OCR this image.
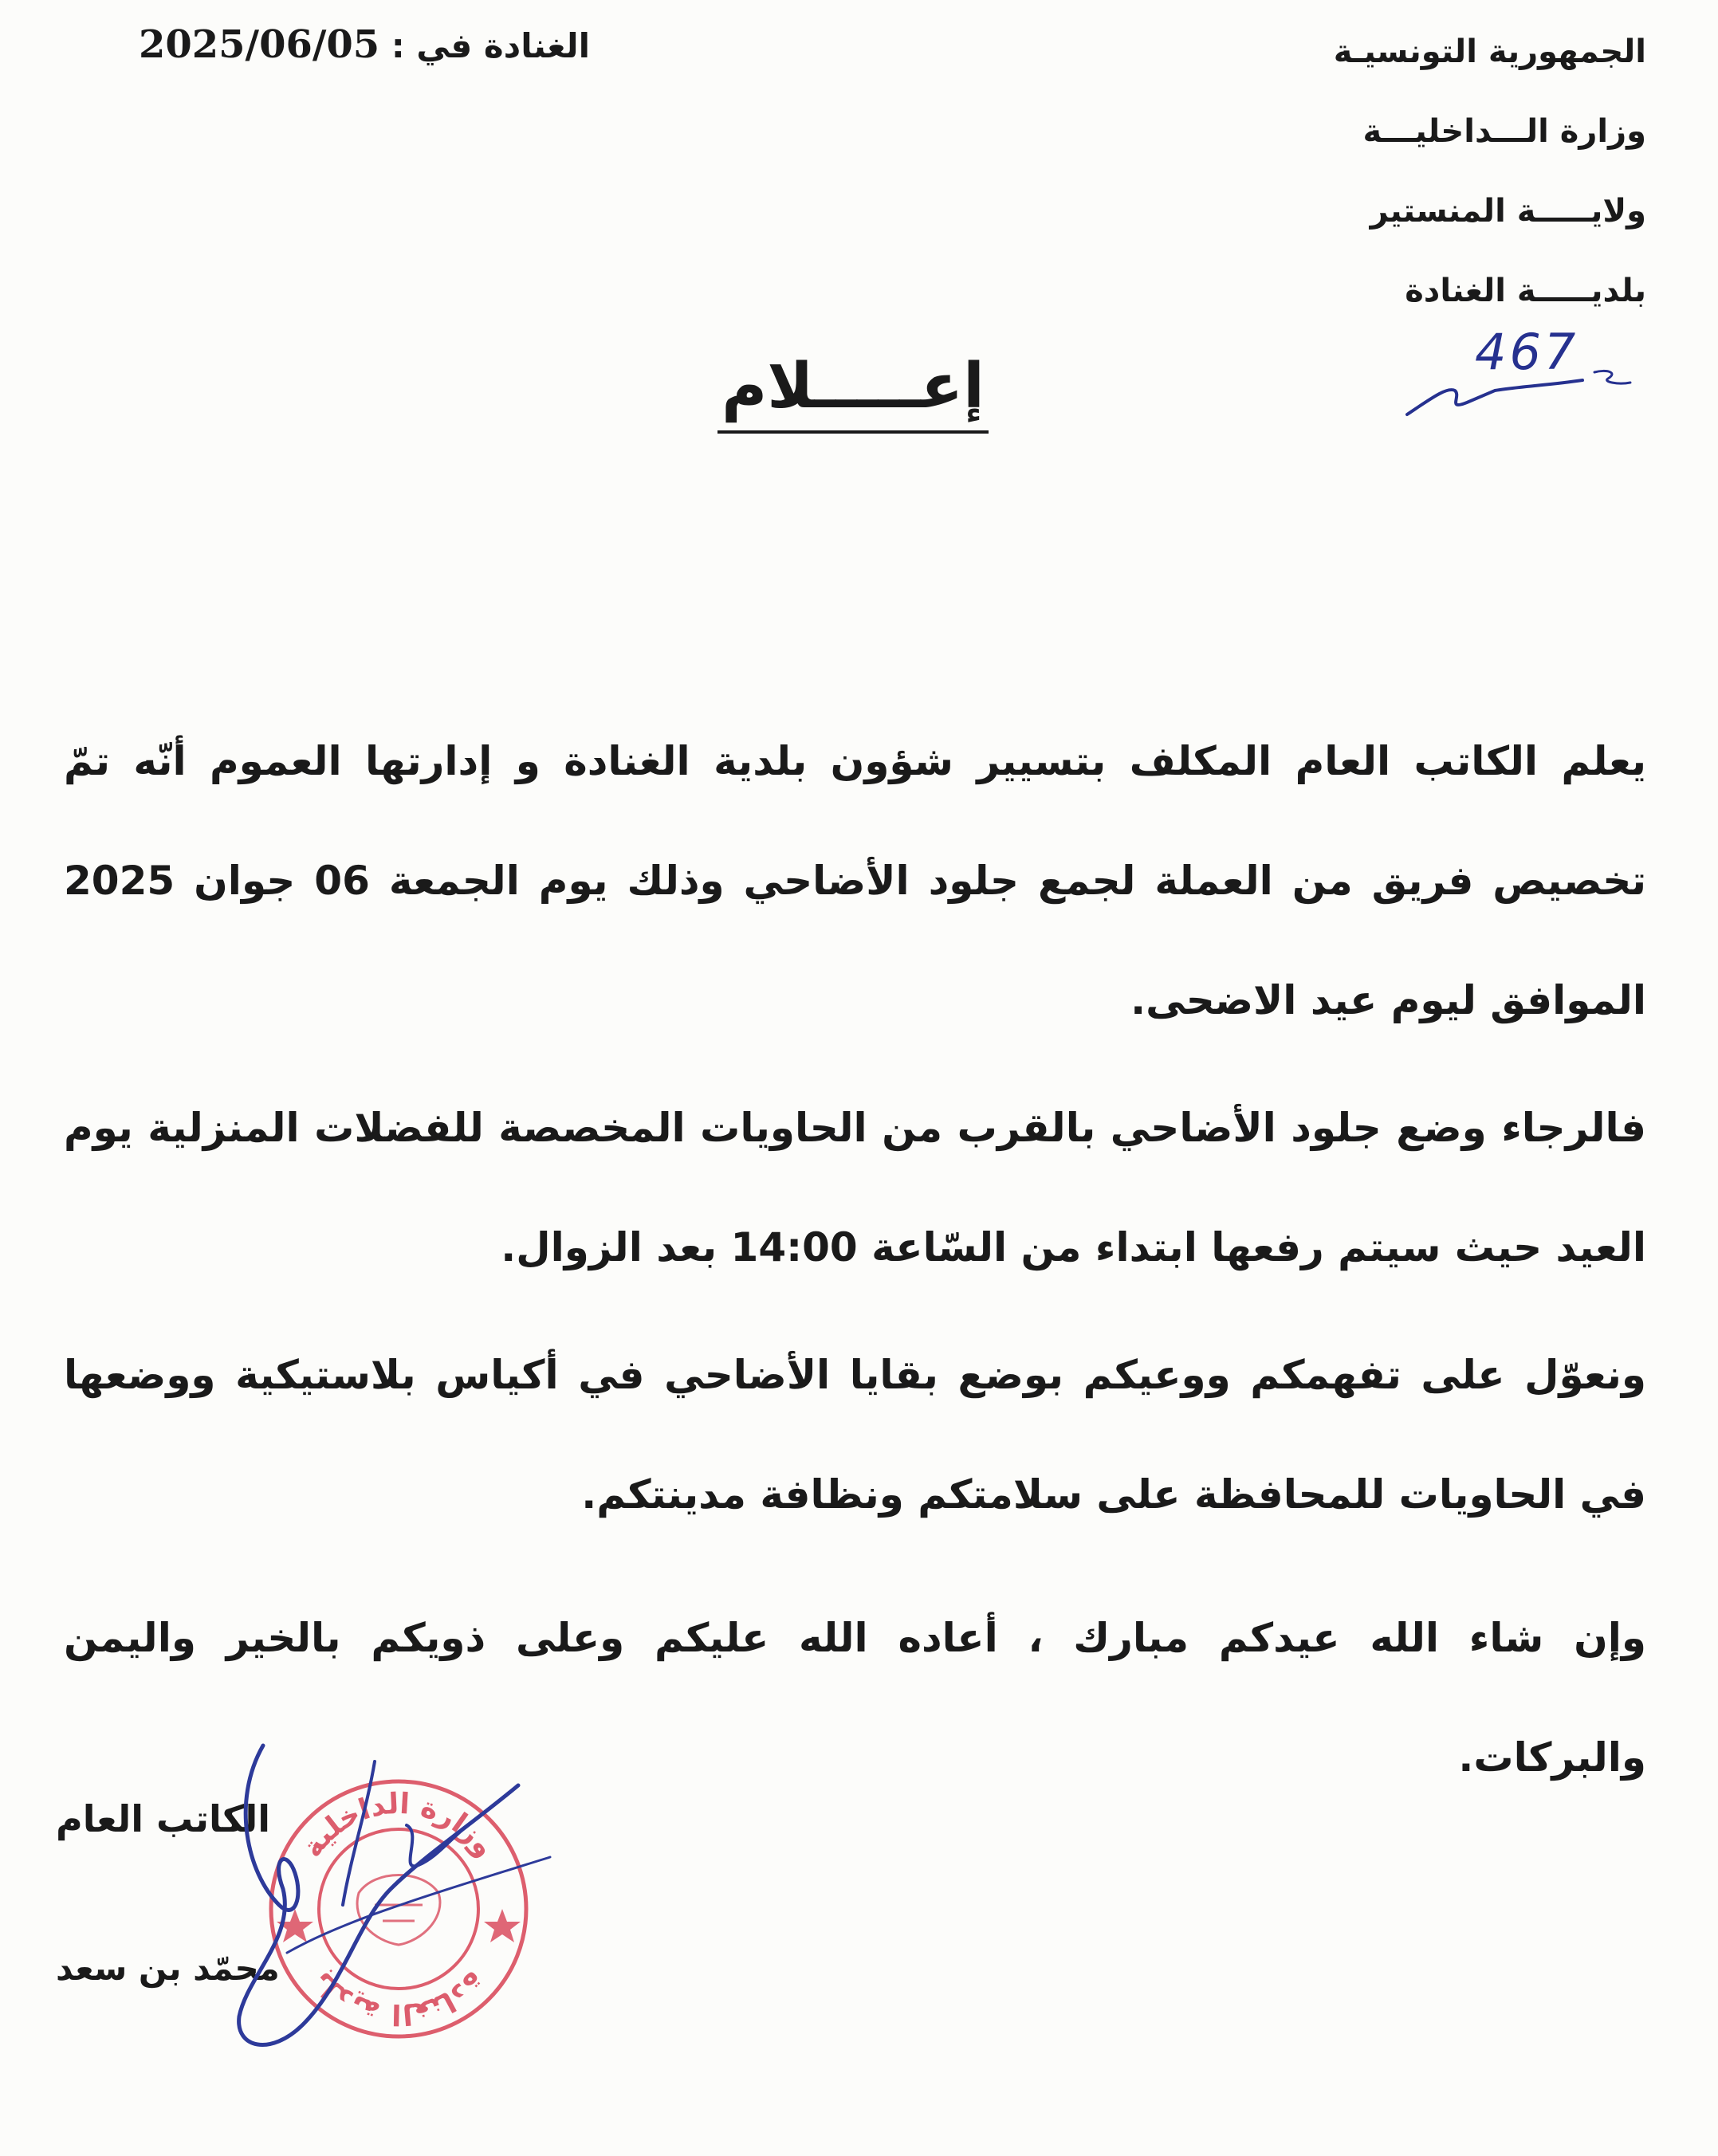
الجمهورية التونسيـة
وزارة الـــداخليـــة
ولايـــــة المنستير
بلديـــــة الغنادة
الغنادة في : 2025/06/05
467
إعـــــلام

يعلم الكاتب العام المكلف بتسيير شؤون بلدية الغنادة و إدارتها العموم أنّه تمّ تخصيص فريق من العملة لجمع جلود الأضاحي وذلك يوم الجمعة 06 جوان 2025 الموافق ليوم عيد الاضحى.

فالرجاء وضع جلود الأضاحي بالقرب من الحاويات المخصصة للفضلات المنزلية يوم العيد حيث سيتم رفعها ابتداء من السّاعة 14:00 بعد الزوال.

ونعوّل على تفهمكم ووعيكم بوضع بقايا الأضاحي في أكياس بلاستيكية ووضعها في الحاويات للمحافظة على سلامتكم ونظافة مدينتكم.

وإن شاء الله عيدكم مبارك ، أعاده الله عليكم وعلى ذويكم بالخير واليمن والبركات.

الكاتب العام
محمّد بن سعد
وزارة الداخلية
بلدية الغنادة
